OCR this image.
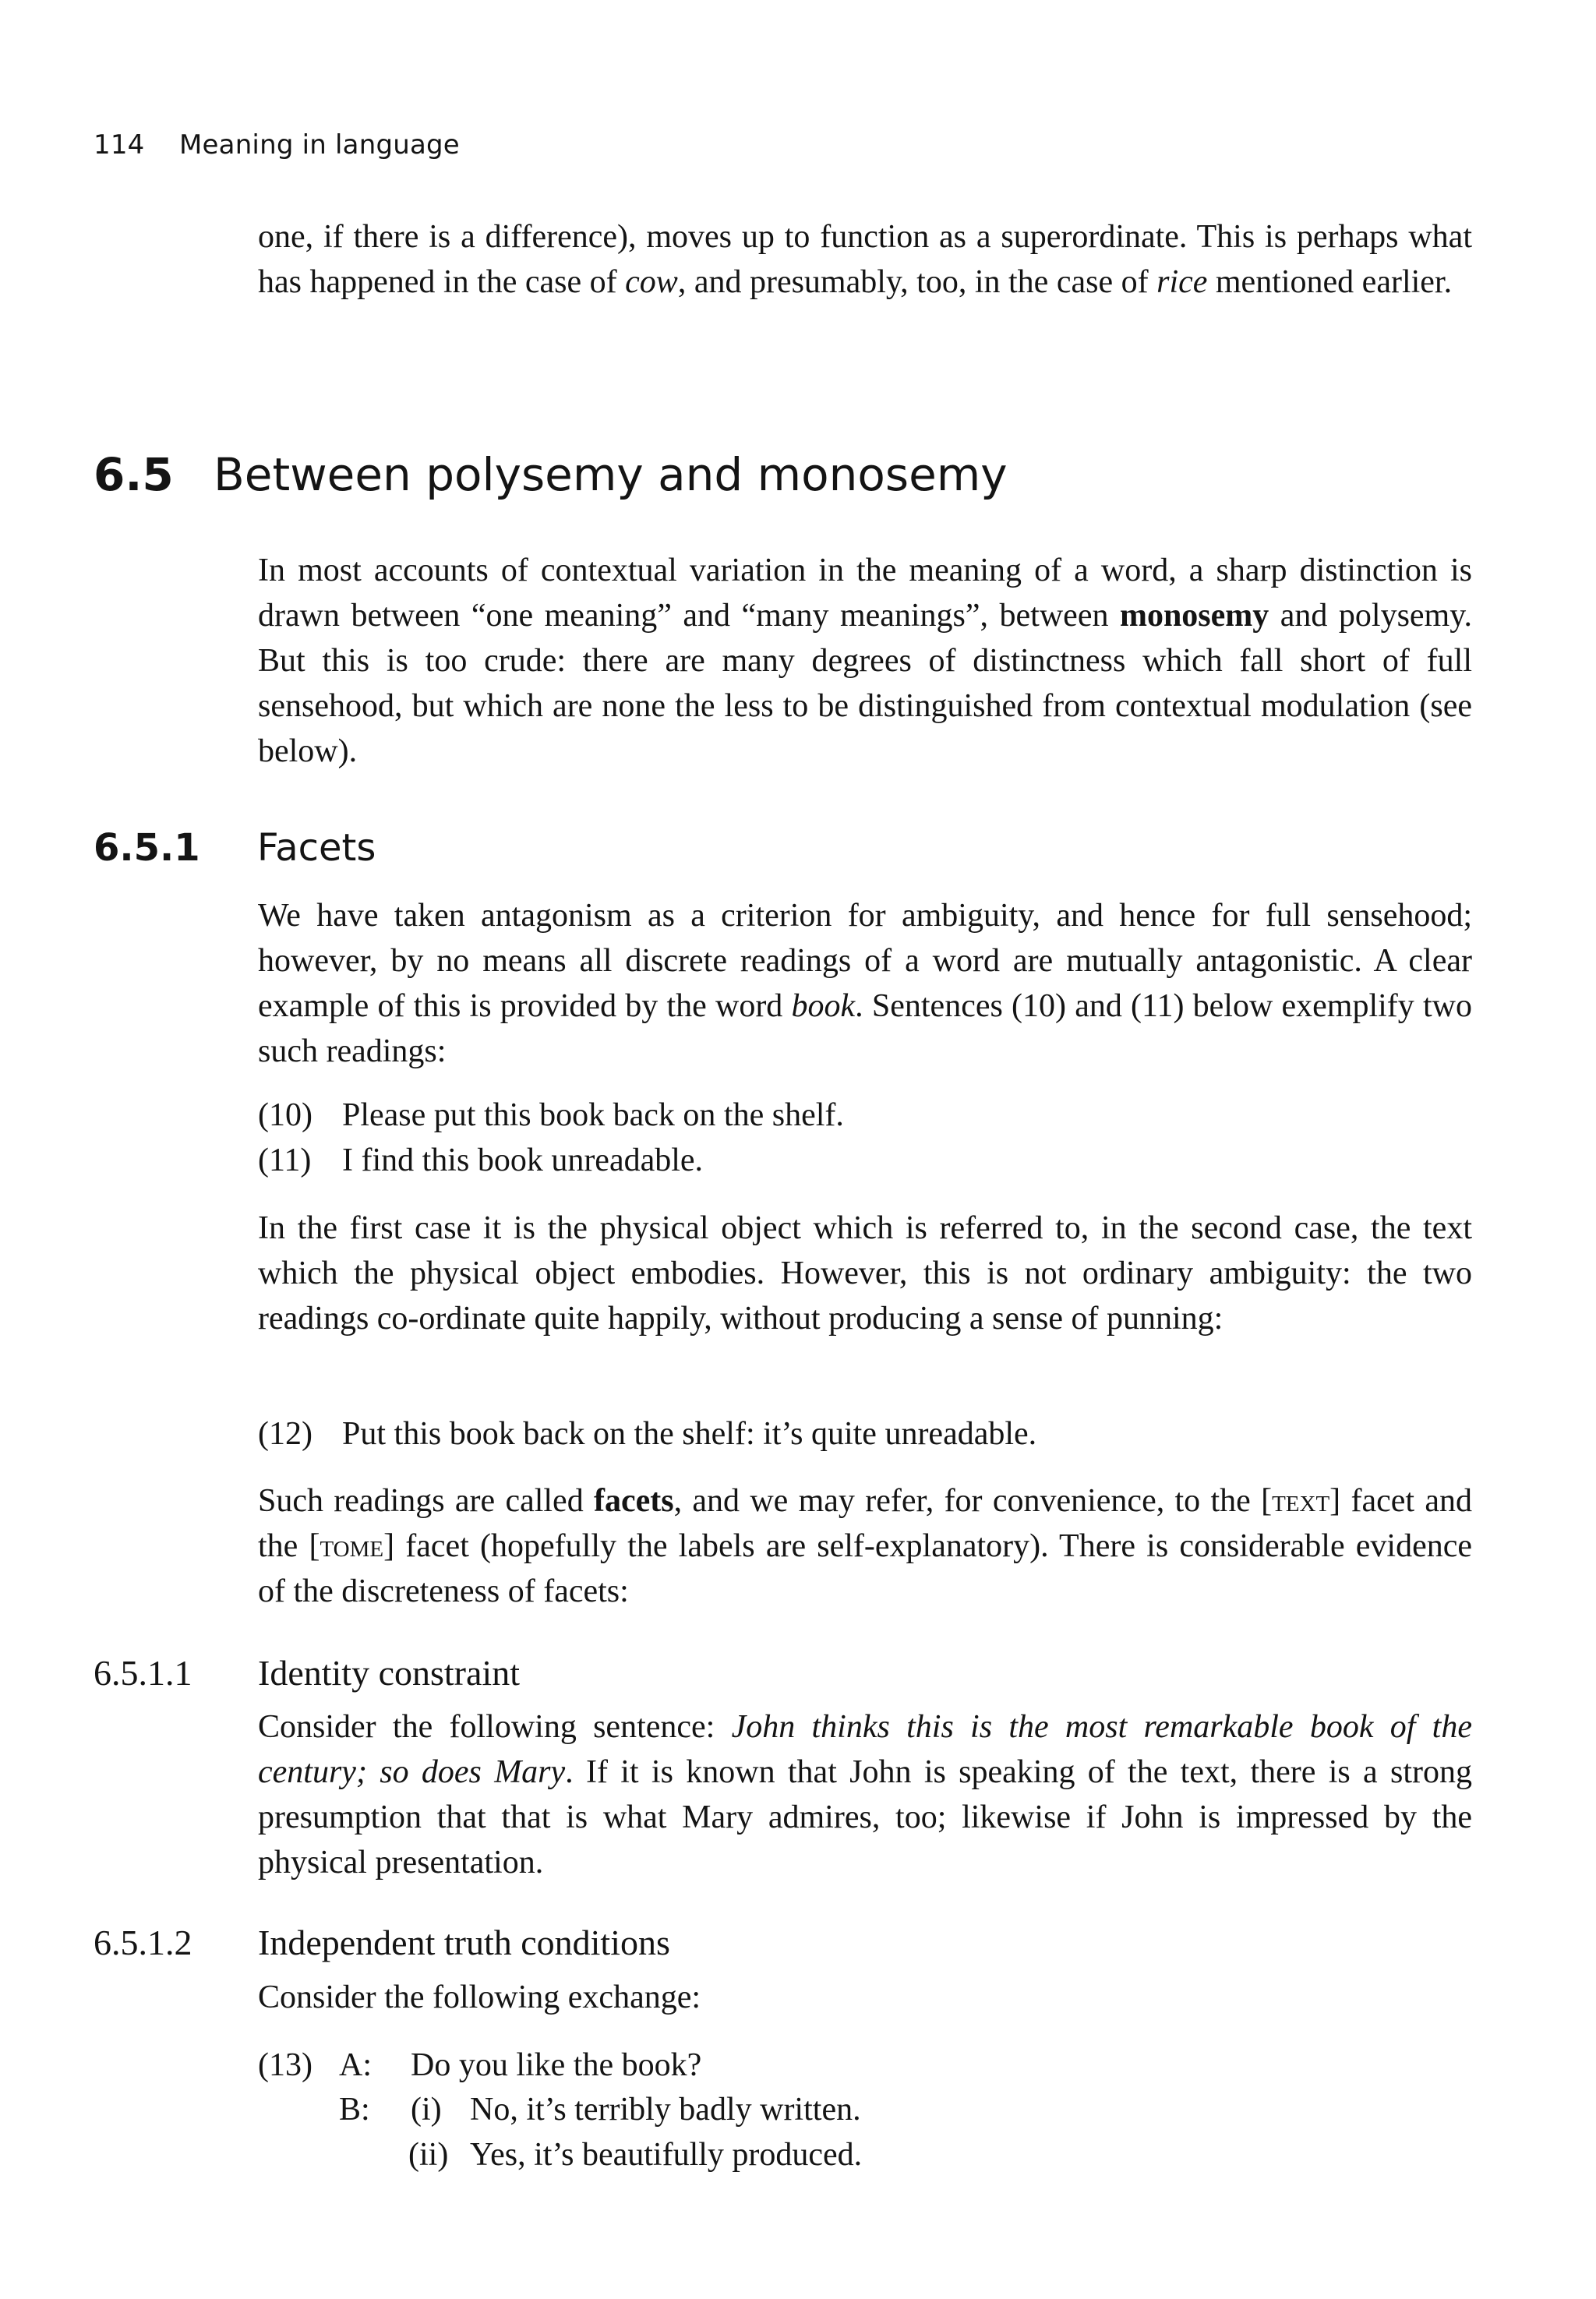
114 Meaning in language

one, if there is a difference), moves up to function as a superordinate. This is perhaps what has happened in the case of cow, and presumably, too, in the case of rice mentioned earlier.

6.5 Between polysemy and monosemy

In most accounts of contextual variation in the meaning of a word, a sharp distinction is drawn between “one meaning” and “many meanings”, between monosemy and polysemy. But this is too crude: there are many degrees of distinctness which fall short of full sensehood, but which are none the less to be distinguished from contextual modulation (see below).

6.5.1 Facets

We have taken antagonism as a criterion for ambiguity, and hence for full sensehood; however, by no means all discrete readings of a word are mutually antagonistic. A clear example of this is provided by the word book. Sentences (10) and (11) below exemplify two such readings:

(10) Please put this book back on the shelf.
(11) I find this book unreadable.

In the first case it is the physical object which is referred to, in the second case, the text which the physical object embodies. However, this is not ordinary ambiguity: the two readings co-ordinate quite happily, without producing a sense of punning:

(12) Put this book back on the shelf: it’s quite unreadable.

Such readings are called facets, and we may refer, for convenience, to the [text] facet and the [tome] facet (hopefully the labels are self-explanatory). There is considerable evidence of the discreteness of facets:

6.5.1.1 Identity constraint

Consider the following sentence: John thinks this is the most remarkable book of the century; so does Mary. If it is known that John is speaking of the text, there is a strong presumption that that is what Mary admires, too; likewise if John is impressed by the physical presentation.

6.5.1.2 Independent truth conditions

Consider the following exchange:

(13) A: Do you like the book?
B: (i) No, it’s terribly badly written.
(ii) Yes, it’s beautifully produced.
